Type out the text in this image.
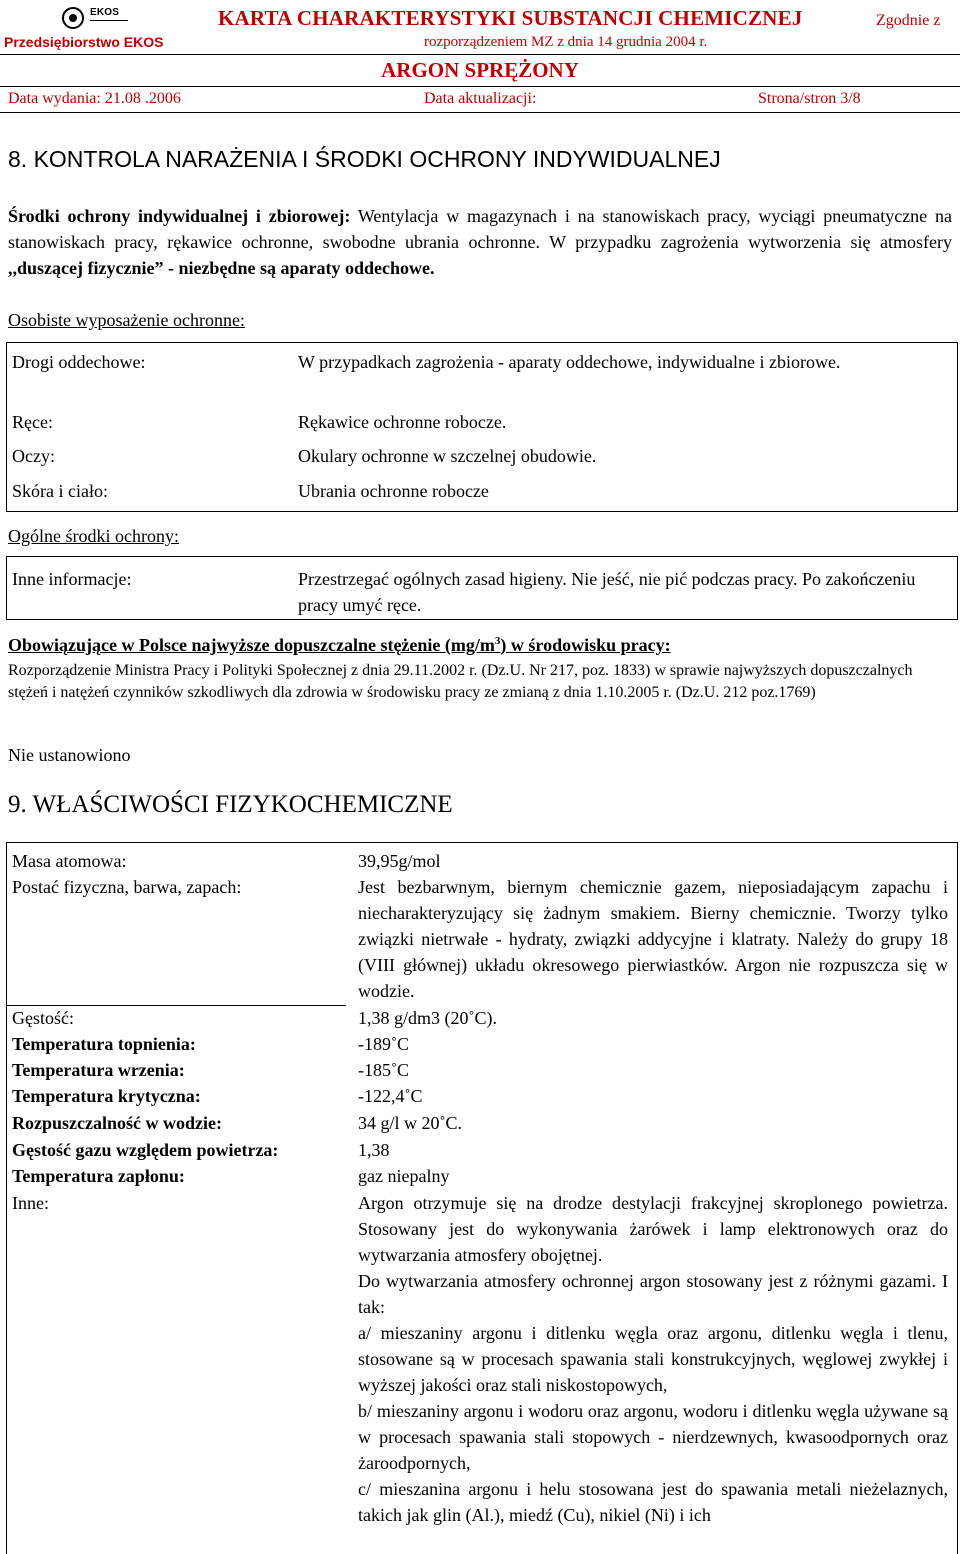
EKOS
Przedsiębiorstwo EKOS
KARTA CHARAKTERYSTYKI SUBSTANCJI CHEMICZNEJ
rozporządzeniem MZ z dnia 14 grudnia 2004 r.
Zgodnie z
ARGON SPRĘŻONY
Data wydania: 21.08 .2006	Data aktualizacji:	Strona/stron 3/8
8. KONTROLA NARAŻENIA I ŚRODKI OCHRONY INDYWIDUALNEJ
Środki ochrony indywidualnej i zbiorowej: Wentylacja w magazynach i na stanowiskach pracy, wyciągi pneumatyczne na stanowiskach pracy, rękawice ochronne, swobodne ubrania ochronne. W przypadku zagrożenia wytworzenia się atmosfery ,,duszącej fizycznie” - niezbędne są aparaty oddechowe.
Osobiste wyposażenie ochronne:
Drogi oddechowe:	W przypadkach zagrożenia - aparaty oddechowe, indywidualne i zbiorowe.
Ręce:	Rękawice ochronne robocze.
Oczy:	Okulary ochronne w szczelnej obudowie.
Skóra i ciało:	Ubrania ochronne robocze
Ogólne środki ochrony:
Inne informacje:	Przestrzegać ogólnych zasad higieny. Nie jeść, nie pić podczas pracy. Po zakończeniu pracy umyć ręce.
Obowiązujące w Polsce najwyższe dopuszczalne stężenie $(mg/m^3)$ w środowisku pracy:
Rozporządzenie Ministra Pracy i Polityki Społecznej z dnia 29.11.2002 r. (Dz.U. Nr 217, poz. 1833) w sprawie najwyższych dopuszczalnych stężeń i natężeń czynników szkodliwych dla zdrowia w środowisku pracy ze zmianą z dnia 1.10.2005 r. (Dz.U. 212 poz.1769)
Nie ustanowiono
9. WŁAŚCIWOŚCI FIZYKOCHEMICZNE
Masa atomowa:	39,95g/mol
Postać fizyczna, barwa, zapach:	Jest bezbarwnym, biernym chemicznie gazem, nieposiadającym zapachu i niecharakteryzujący się żadnym smakiem. Bierny chemicznie. Tworzy tylko związki nietrwałe - hydraty, związki addycyjne i klatraty. Należy do grupy 18 (VIII głównej) układu okresowego pierwiastków. Argon nie rozpuszcza się w wodzie.
Gęstość:	1,38 g/dm3 (20˚C).
Temperatura topnienia:	-189˚C
Temperatura wrzenia:	-185˚C
Temperatura krytyczna:	-122,4˚C
Rozpuszczalność w wodzie:	34 g/l w 20˚C.
Gęstość gazu względem powietrza:	1,38
Temperatura zapłonu:	gaz niepalny
Inne:	Argon otrzymuje się na drodze destylacji frakcyjnej skroplonego powietrza. Stosowany jest do wykonywania żarówek i lamp elektronowych oraz do wytwarzania atmosfery obojętnej.
Do wytwarzania atmosfery ochronnej argon stosowany jest z różnymi gazami. I tak:
a/ mieszaniny argonu i ditlenku węgla oraz argonu, ditlenku węgla i tlenu, stosowane są w procesach spawania stali konstrukcyjnych, węglowej zwykłej i wyższej jakości oraz stali niskostopowych,
b/ mieszaniny argonu i wodoru oraz argonu, wodoru i ditlenku węgla używane są w procesach spawania stali stopowych - nierdzewnych, kwasoodpornych oraz żaroodpornych,
c/ mieszanina argonu i helu stosowana jest do spawania metali nieżelaznych, takich jak glin (Al.), miedź (Cu), nikiel (Ni) i ich
